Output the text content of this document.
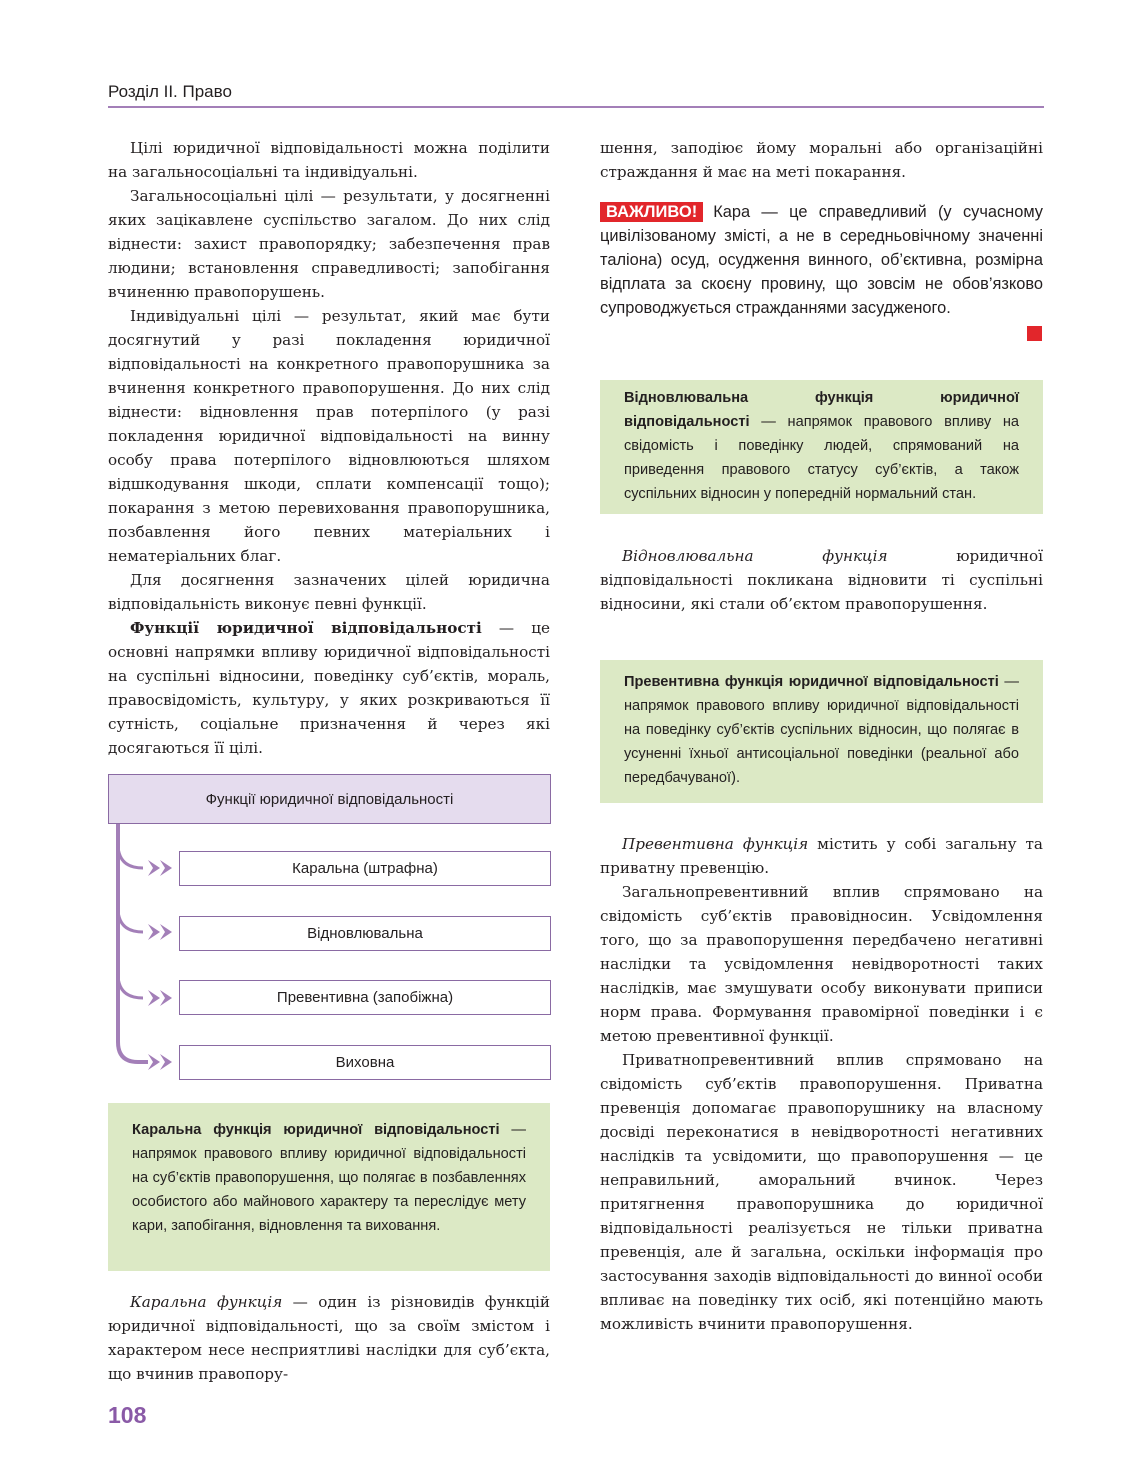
Розділ ІІ. Право

Цілі юридичної відповідальності можна поділити на загальносоціальні та індивідуальні.

Загальносоціальні цілі — результати, у досягненні яких зацікавлене суспільство загалом. До них слід віднести: захист правопорядку; забезпечення прав людини; встановлення справедливості; запобігання вчиненню правопорушень.

Індивідуальні цілі — результат, який має бути досягнутий у разі покладення юридичної відповідальності на конкретного правопорушника за вчинення конкретного правопорушення. До них слід віднести: відновлення прав потерпілого (у разі покладення юридичної відповідальності на винну особу права потерпілого відновлюються шляхом відшкодування шкоди, сплати компенсації тощо); покарання з метою перевиховання правопорушника, позбавлення його певних матеріальних і нематеріальних благ.

Для досягнення зазначених цілей юридична відповідальність виконує певні функції.

Функції юридичної відповідальності — це основні напрямки впливу юридичної відповідальності на суспільні відносини, поведінку суб’єктів, мораль, правосвідомість, культуру, у яких розкриваються її сутність, соціальне призначення й через які досягаються її цілі.

Функції юридичної відповідальності
Каральна (штрафна)
Відновлювальна
Превентивна (запобіжна)
Виховна
Каральна функція юридичної відповідальності — напрямок правового впливу юридичної відповідальності на суб’єктів правопорушення, що полягає в позбавленнях особистого або майнового характеру та переслідує мету кари, запобігання, відновлення та виховання.

Каральна функція — один із різновидів функцій юридичної відповідальності, що за своїм змістом і характером несе несприятливі наслідки для суб’єкта, що вчинив правопору-

шення, заподіює йому моральні або організаційні страждання й має на меті покарання.

ВАЖЛИВО! Кара — це справедливий (у сучасному цивілізованому змісті, а не в середньовічному значенні таліона) осуд, осудження винного, об’єктивна, розмірна відплата за скоєну провину, що зовсім не обов’язково супроводжується стражданнями засудженого.
Відновлювальна функція юридичної відповідальності — напрямок правового впливу на свідомість і поведінку людей, спрямований на приведення правового статусу суб’єктів, а також суспільних відносин у попередній нормальний стан.

Відновлювальна функція юридичної відповідальності покликана відновити ті суспільні відносини, які стали об’єктом правопорушення.

Превентивна функція юридичної відповідальності — напрямок правового впливу юридичної відповідальності на поведінку суб’єктів суспільних відносин, що полягає в усуненні їхньої антисоціальної поведінки (реальної або передбачуваної).

Превентивна функція містить у собі загальну та приватну превенцію.

Загальнопревентивний вплив спрямовано на свідомість суб’єктів правовідносин. Усвідомлення того, що за правопорушення передбачено негативні наслідки та усвідомлення невідворотності таких наслідків, має змушувати особу виконувати приписи норм права. Формування правомірної поведінки і є метою превентивної функції.

Приватнопревентивний вплив спрямовано на свідомість суб’єктів правопорушення. Приватна превенція допомагає правопорушнику на власному досвіді переконатися в невідворотності негативних наслідків та усвідомити, що правопорушення — це неправильний, аморальний вчинок. Через притягнення правопорушника до юридичної відповідальності реалізується не тільки приватна превенція, але й загальна, оскільки інформація про застосування заходів відповідальності до винної особи впливає на поведінку тих осіб, які потенційно мають можливість вчинити правопорушення.

108
